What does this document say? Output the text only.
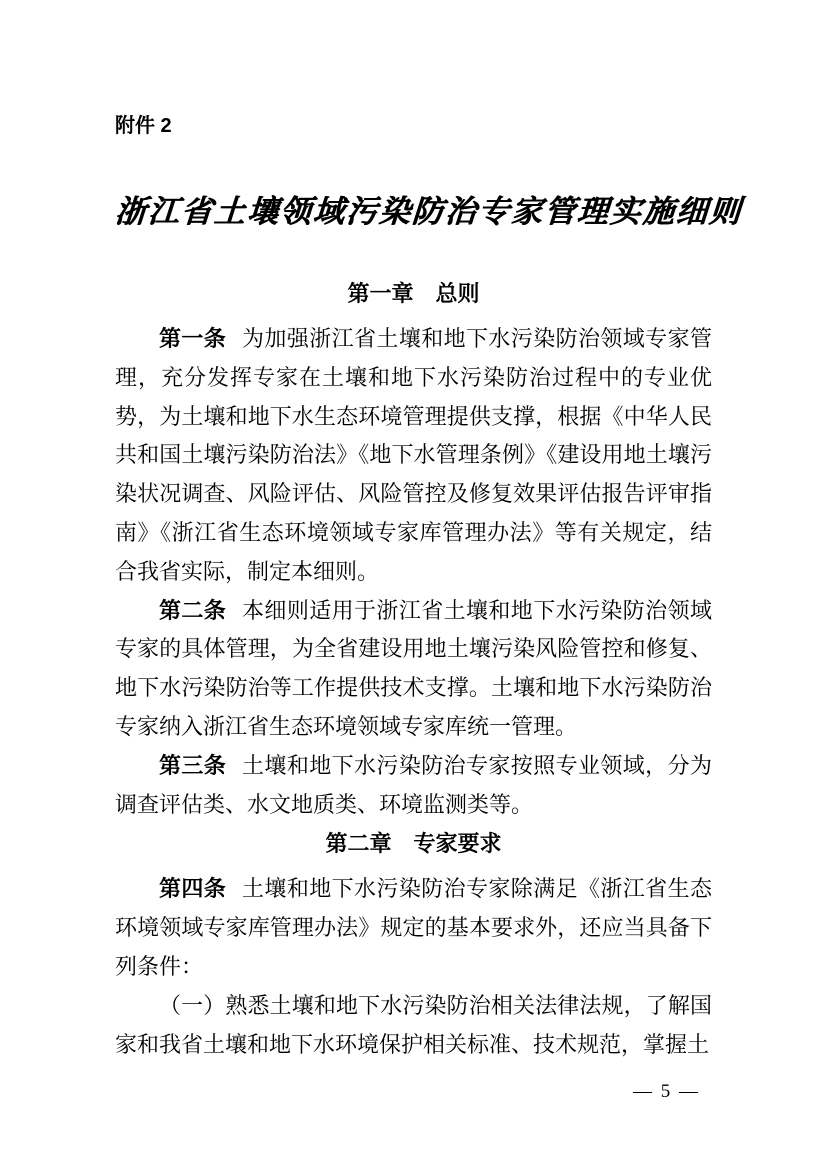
附件 2
浙江省土壤领域污染防治专家管理实施细则
第一章　总则

第一条 为加强浙江省土壤和地下水污染防治领域专家管理，充分发挥专家在土壤和地下水污染防治过程中的专业优势，为土壤和地下水生态环境管理提供支撑，根据《中华人民共和国土壤污染防治法》《地下水管理条例》《建设用地土壤污染状况调查、风险评估、风险管控及修复效果评估报告评审指南》《浙江省生态环境领域专家库管理办法》等有关规定，结合我省实际，制定本细则。

第二条 本细则适用于浙江省土壤和地下水污染防治领域专家的具体管理，为全省建设用地土壤污染风险管控和修复、地下水污染防治等工作提供技术支撑。土壤和地下水污染防治专家纳入浙江省生态环境领域专家库统一管理。

第三条 土壤和地下水污染防治专家按照专业领域，分为调查评估类、水文地质类、环境监测类等。

第二章　专家要求

第四条 土壤和地下水污染防治专家除满足《浙江省生态环境领域专家库管理办法》规定的基本要求外，还应当具备下列条件：

（一）熟悉土壤和地下水污染防治相关法律法规，了解国家和我省土壤和地下水环境保护相关标准、技术规范，掌握土

— 5 —
